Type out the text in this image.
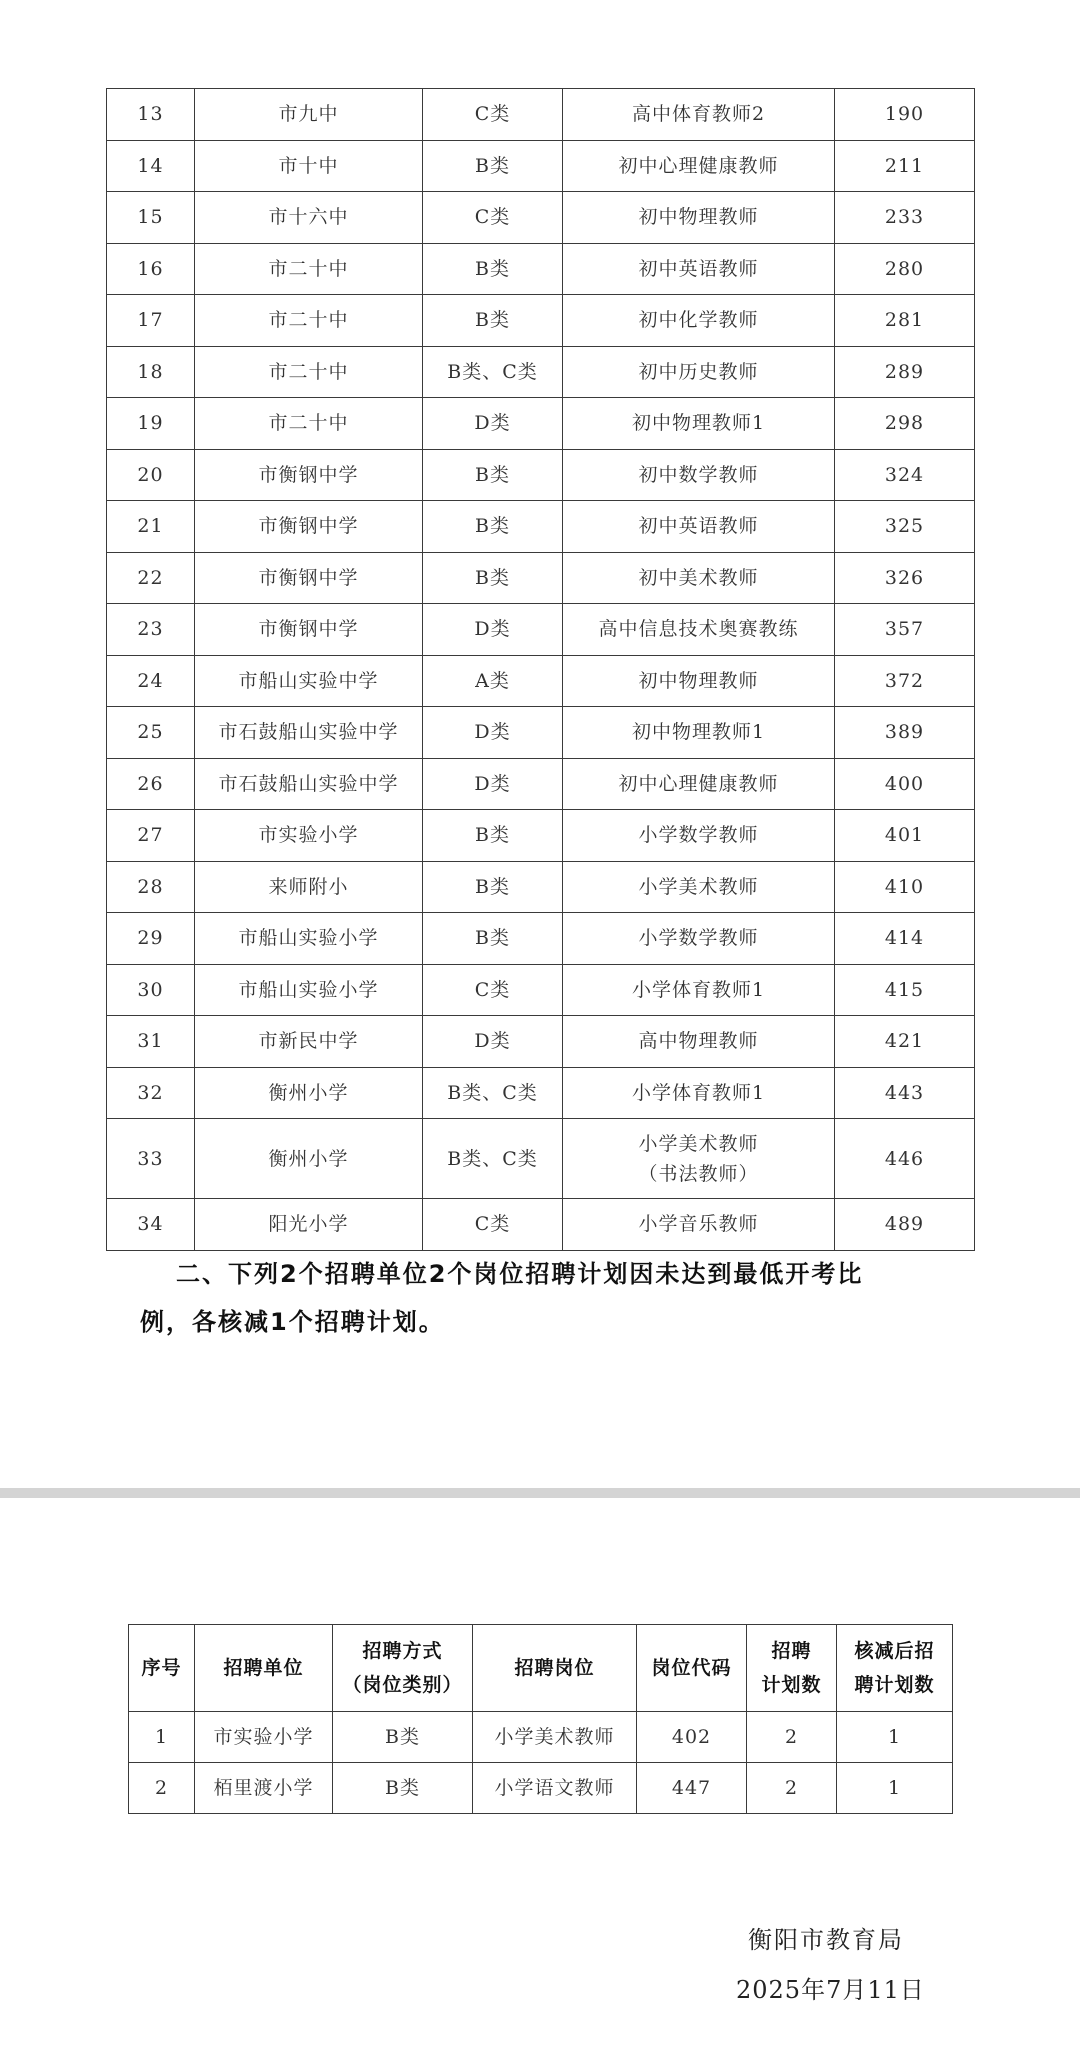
13	市九中	C类	高中体育教师2	190
14	市十中	B类	初中心理健康教师	211
15	市十六中	C类	初中物理教师	233
16	市二十中	B类	初中英语教师	280
17	市二十中	B类	初中化学教师	281
18	市二十中	B类、C类	初中历史教师	289
19	市二十中	D类	初中物理教师1	298
20	市衡钢中学	B类	初中数学教师	324
21	市衡钢中学	B类	初中英语教师	325
22	市衡钢中学	B类	初中美术教师	326
23	市衡钢中学	D类	高中信息技术奥赛教练	357
24	市船山实验中学	A类	初中物理教师	372
25	市石鼓船山实验中学	D类	初中物理教师1	389
26	市石鼓船山实验中学	D类	初中心理健康教师	400
27	市实验小学	B类	小学数学教师	401
28	来师附小	B类	小学美术教师	410
29	市船山实验小学	B类	小学数学教师	414
30	市船山实验小学	C类	小学体育教师1	415
31	市新民中学	D类	高中物理教师	421
32	衡州小学	B类、C类	小学体育教师1	443
33	衡州小学	B类、C类	小学美术教师
（书法教师）	446
34	阳光小学	C类	小学音乐教师	489

二、下列2个招聘单位2个岗位招聘计划因未达到最低开考比
例，各核减1个招聘计划。

序号	招聘单位	招聘方式
（岗位类别）	招聘岗位	岗位代码	招聘
计划数	核减后招
聘计划数

1	市实验小学	B类	小学美术教师	402	2	1
2	栢里渡小学	B类	小学语文教师	447	2	1
衡阳市教育局
2025年7月11日
